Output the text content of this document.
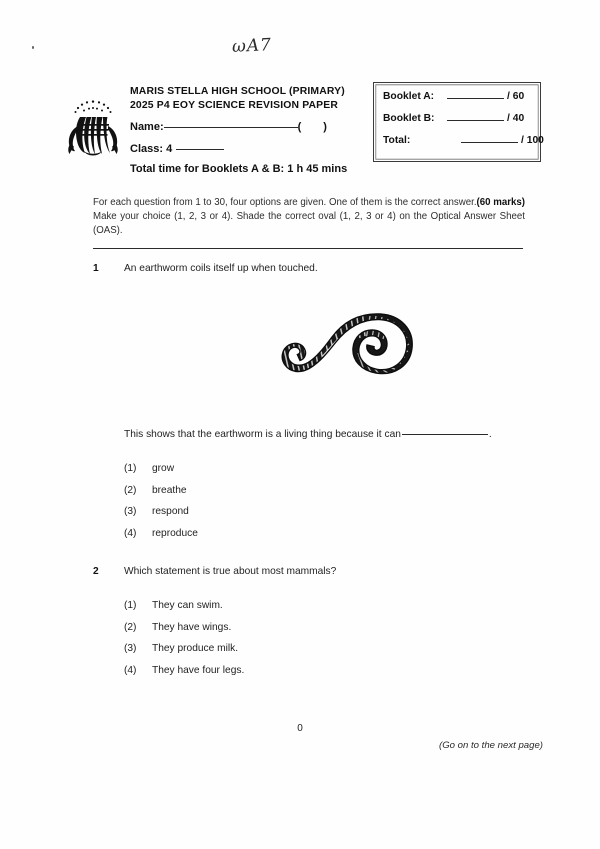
ωA7
MARIS STELLA HIGH SCHOOL (PRIMARY)
2025 P4 EOY SCIENCE REVISION PAPER
Name:	( )
Class: 4
Total time for Booklets A & B: 1 h 45 mins
Booklet A:	/ 60
Booklet B:	/ 40
Total:	/ 100
(60 marks)
For each question from 1 to 30, four options are given. One of them is the correct answer. Make your choice (1, 2, 3 or 4). Shade the correct oval (1, 2, 3 or 4) on the Optical Answer Sheet (OAS).
1	An earthworm coils itself up when touched.
This shows that the earthworm is a living thing because it can	.
(1)	grow
(2)	breathe
(3)	respond
(4)	reproduce
2	Which statement is true about most mammals?
(1)	They can swim.
(2)	They have wings.
(3)	They produce milk.
(4)	They have four legs.
0
(Go on to the next page)
